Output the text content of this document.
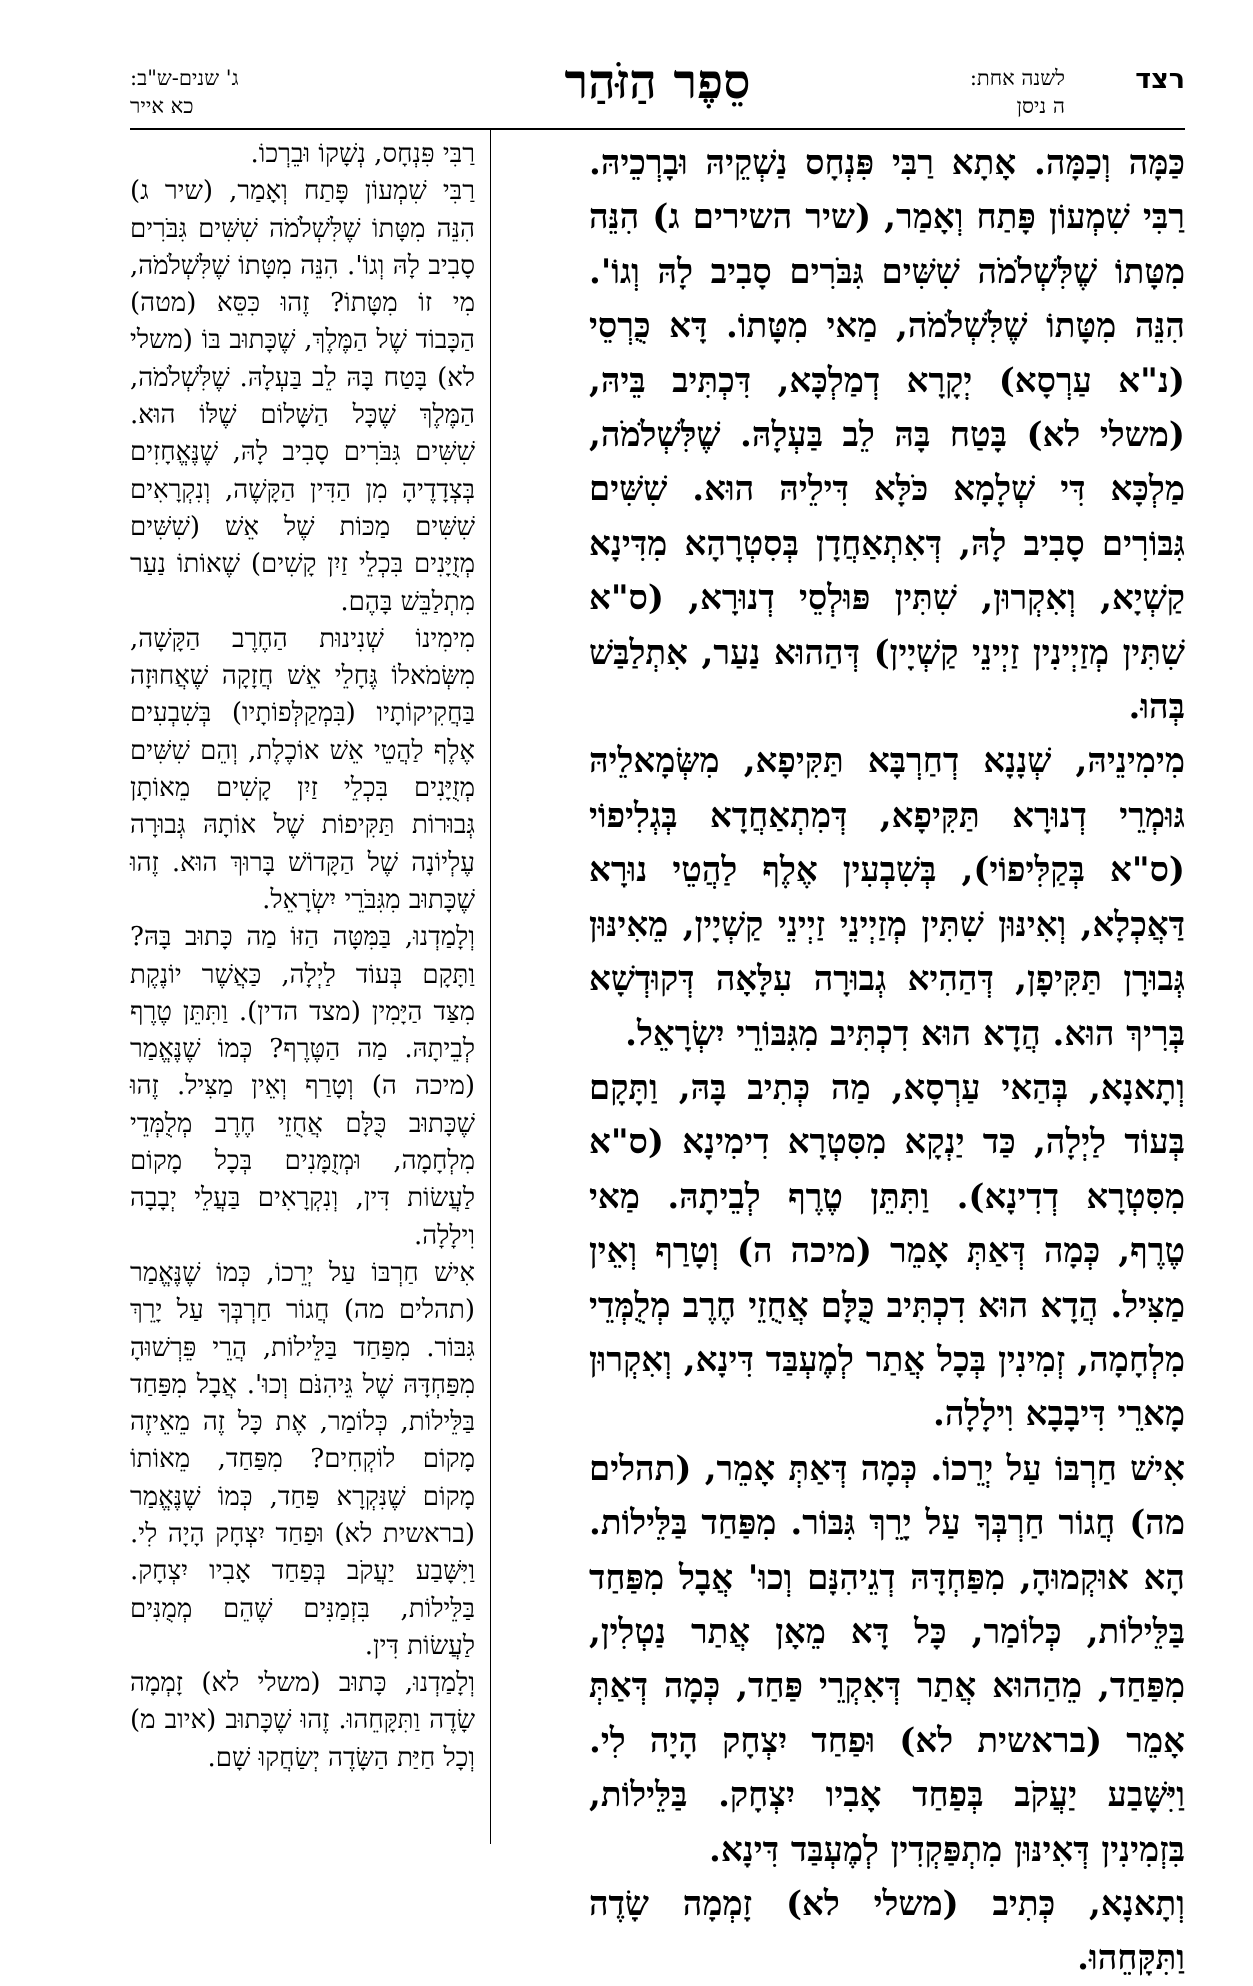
רצד
לשנה אחת:
ה ניסן
סֵפֶר הַזֹּהַר
ג' שנים-ש"ב:
כא אייר

כַּמָּה וְכַמָּה. אָתָא רַבִּי פִּנְחָס נַשְׁקֵיהּ וּבָרְכֵיהּ. רַבִּי שִׁמְעוֹן פָּתַח וְאָמַר, (שיר השירים ג) הִנֵּה מִטָּתוֹ שֶׁלִּשְׁלֹמֹה שִׁשִּׁים גִּבֹּרִים סָבִיב לָהּ וְגוֹ'. הִנֵּה מִטָּתוֹ שֶׁלִּשְׁלֹמֹה, מַאי מִטָּתוֹ. דָּא כֻּרְסֵי (נ"א עַרְסָא) יְקָרָא דְמַלְכָּא, דִּכְתִּיב בֵּיהּ, (משלי לא) בָּטַח בָּהּ לֵב בַּעְלָהּ. שֶׁלִּשְׁלֹמֹה, מַלְכָּא דִּי שְׁלָמָא כֹּלָּא דִּילֵיהּ הוּא. שִׁשִּׁים גִּבּוֹרִים סָבִיב לָהּ, דְּאִתְאַחֲדָן בְּסִטְרָהָא מִדִּינָא קַשְׁיָא, וְאִקְרוּן, שִׁתִּין פּוּלְסֵי דְנוּרָא, (ס"א שִׁתִּין מְזַיְינִין זַיְינֵי קַשְׁיָין) דְּהַהוּא נַעַר, אִתְלַבַּשׁ בְּהוּ.

מִימִינֵיהּ, שְׁנָנָא דְחַרְבָּא תַּקִּיפָא, מִשְּׂמָאלֵיהּ גּוּמְרֵי דְנוּרָא תַּקִּיפָא, דְּמִתְאַחֲדָא בְּגְלִיפוֹי (ס"א בְּקַלִּיפוֹי), בְּשִׁבְעִין אֶלֶף לַהֲטֵי נוּרָא דַּאֲכְלָא, וְאִינּוּן שִׁתִּין מְזַיְינֵי זַיְינֵי קַשְׁיָין, מֵאִינּוּן גְּבוּרָן תַּקִּיפָן, דְּהַהִיא גְבוּרָה עִלָּאָה דְּקוּדְשָׁא בְּרִיךְ הוּא. הֲדָא הוּא דִכְתִּיב מִגִּבּוֹרֵי יִשְׂרָאֵל.

וְתָאנָא, בְּהַאי עַרְסָא, מַה כְּתִיב בָּהּ, וַתָּקָם בְּעוֹד לַיְלָה, כַּד יַנְקָא מִסִּטְרָא דִימִינָא (ס"א מִסִּטְרָא דְדִינָא). וַתִּתֵּן טֶרֶף לְבֵיתָהּ. מַאי טֶרֶף, כְּמָה דְּאַתְּ אָמֵר (מיכה ה) וְטָרַף וְאֵין מַצִּיל. הֲדָא הוּא דִכְתִּיב כֻּלָּם אֲחֻזֵי חֶרֶב מְלֻמְּדֵי מִלְחָמָה, זְמִינִין בְּכָל אֲתַר לְמֶעְבַּד דִּינָא, וְאִקְרוּן מָארֵי דִּיבָבָא וִילָלָה.

אִישׁ חַרְבּוֹ עַל יְרֵכוֹ. כְּמָה דְּאַתְּ אָמֵר, (תהלים מה) חֲגוֹר חַרְבְּךָ עַל יָרֵךְ גִּבּוֹר. מִפַּחַד בַּלֵּילוֹת. הָא אוּקְמוּהָ, מִפַּחְדָּהּ דְגֵיהִנָּם וְכוּ' אֲבָל מִפַּחַד בַּלֵּילוֹת, כְּלוֹמַר, כָּל דָּא מֵאָן אֲתַר נַטְלִין, מִפַּחַד, מֵהַהוּא אֲתַר דְּאִקְרֵי פַּחַד, כְּמָה דְּאַתְּ אָמֵר (בראשית לא) וּפַחַד יִצְחָק הָיָה לִי. וַיִּשָּׁבַע יַעֲקֹב בְּפַחַד אָבִיו יִצְחָק. בַּלֵּילוֹת, בִּזְמִינִין דְּאִינּוּן מִתְפַּקְדִין לְמֶעְבַּד דִּינָא.

וְתָאנָא, כְּתִיב (משלי לא) זָמְמָה שָׂדֶה וַתִּקָּחֵהוּ.

רַבִּי פִּנְחָס, נְשָׁקוֹ וּבֵרְכוֹ.

רַבִּי שִׁמְעוֹן פָּתַח וְאָמַר, (שיר ג) הִנֵּה מִטָּתוֹ שֶׁלִּשְׁלֹמֹה שִׁשִּׁים גִּבֹּרִים סָבִיב לָהּ וְגוֹ'. הִנֵּה מִטָּתוֹ שֶׁלִּשְׁלֹמֹה, מִי זוֹ מִטָּתוֹ? זֶהוּ כִּסֵּא (מטה) הַכָּבוֹד שֶׁל הַמֶּלֶךְ, שֶׁכָּתוּב בּוֹ (משלי לא) בָּטַח בָּהּ לֵב בַּעְלָהּ. שֶׁלִּשְׁלֹמֹה, הַמֶּלֶךְ שֶׁכָּל הַשָּׁלוֹם שֶׁלּוֹ הוּא. שִׁשִּׁים גִּבֹּרִים סָבִיב לָהּ, שֶׁנֶּאֱחָזִים בְּצְדָדֶיהָ מִן הַדִּין הַקָּשֶׁה, וְנִקְרָאִים שִׁשִּׁים מַכּוֹת שֶׁל אֵשׁ (שִׁשִּׁים מְזֻיָּנִים בִּכְלֵי זַיִן קָשִׁים) שֶׁאוֹתוֹ נַעַר מִתְלַבֵּשׁ בָּהֶם.

מִימִינוֹ שְׁנִינוּת הַחֶרֶב הַקָּשָׁה, מִשְּׂמֹאלוֹ גֶּחָלֵי אֵשׁ חֲזָקָה שֶׁאֲחוּזָה בַּחֲקִיקוֹתָיו (בִּמְקַלְּפוֹתָיו) בְּשִׁבְעִים אֶלֶף לַהֲטֵי אֵשׁ אוֹכֶלֶת, וְהֵם שִׁשִּׁים מְזֻיָּנִים בִּכְלֵי זַיִן קָשִׁים מֵאוֹתָן גְּבוּרוֹת תַּקִּיפוֹת שֶׁל אוֹתָהּ גְּבוּרָה עֶלְיוֹנָה שֶׁל הַקָּדוֹשׁ בָּרוּךְ הוּא. זֶהוּ שֶׁכָּתוּב מִגִּבֹּרֵי יִשְׂרָאֵל.

וְלָמַדְנוּ, בַּמִּטָּה הַזּוֹ מַה כָּתוּב בָּהּ? וַתָּקָם בְּעוֹד לַיְלָה, כַּאֲשֶׁר יוֹנֶקֶת מִצַּד הַיָּמִין (מצד הדין). וַתִּתֵּן טֶרֶף לְבֵיתָהּ. מַה הַטֶּרֶף? כְּמוֹ שֶׁנֶּאֱמַר (מיכה ה) וְטָרַף וְאֵין מַצִּיל. זֶהוּ שֶׁכָּתוּב כֻּלָּם אֲחֻזֵי חֶרֶב מְלֻמְּדֵי מִלְחָמָה, וּמְזֻמָּנִים בְּכָל מָקוֹם לַעֲשׂוֹת דִּין, וְנִקְרָאִים בַּעֲלֵי יְבָבָה וִילָלָה.

אִישׁ חַרְבּוֹ עַל יְרֵכוֹ, כְּמוֹ שֶׁנֶּאֱמַר (תהלים מה) חֲגוֹר חַרְבְּךָ עַל יָרֵךְ גִּבּוֹר. מִפַּחַד בַּלֵּילוֹת, הֲרֵי פֵּרְשׁוּהָ מִפַּחְדָּהּ שֶׁל גֵּיהִנֹּם וְכוּ'. אֲבָל מִפַּחַד בַּלֵּילוֹת, כְּלוֹמַר, אֶת כָּל זֶה מֵאֵיזֶה מָקוֹם לוֹקְחִים? מִפַּחַד, מֵאוֹתוֹ מָקוֹם שֶׁנִּקְרָא פַּחַד, כְּמוֹ שֶׁנֶּאֱמַר (בראשית לא) וּפַחַד יִצְחָק הָיָה לִי. וַיִּשָּׁבַע יַעֲקֹב בְּפַחַד אָבִיו יִצְחָק. בַּלֵּילוֹת, בִּזְמַנִּים שֶׁהֵם מְמֻנִּים לַעֲשׂוֹת דִּין.

וְלָמַדְנוּ, כָּתוּב (משלי לא) זָמְמָה שָׂדֶה וַתִּקָּחֵהוּ. זֶהוּ שֶׁכָּתוּב (איוב מ) וְכָל חַיַּת הַשָּׂדֶה יְשַׂחֲקוּ שָׁם.
